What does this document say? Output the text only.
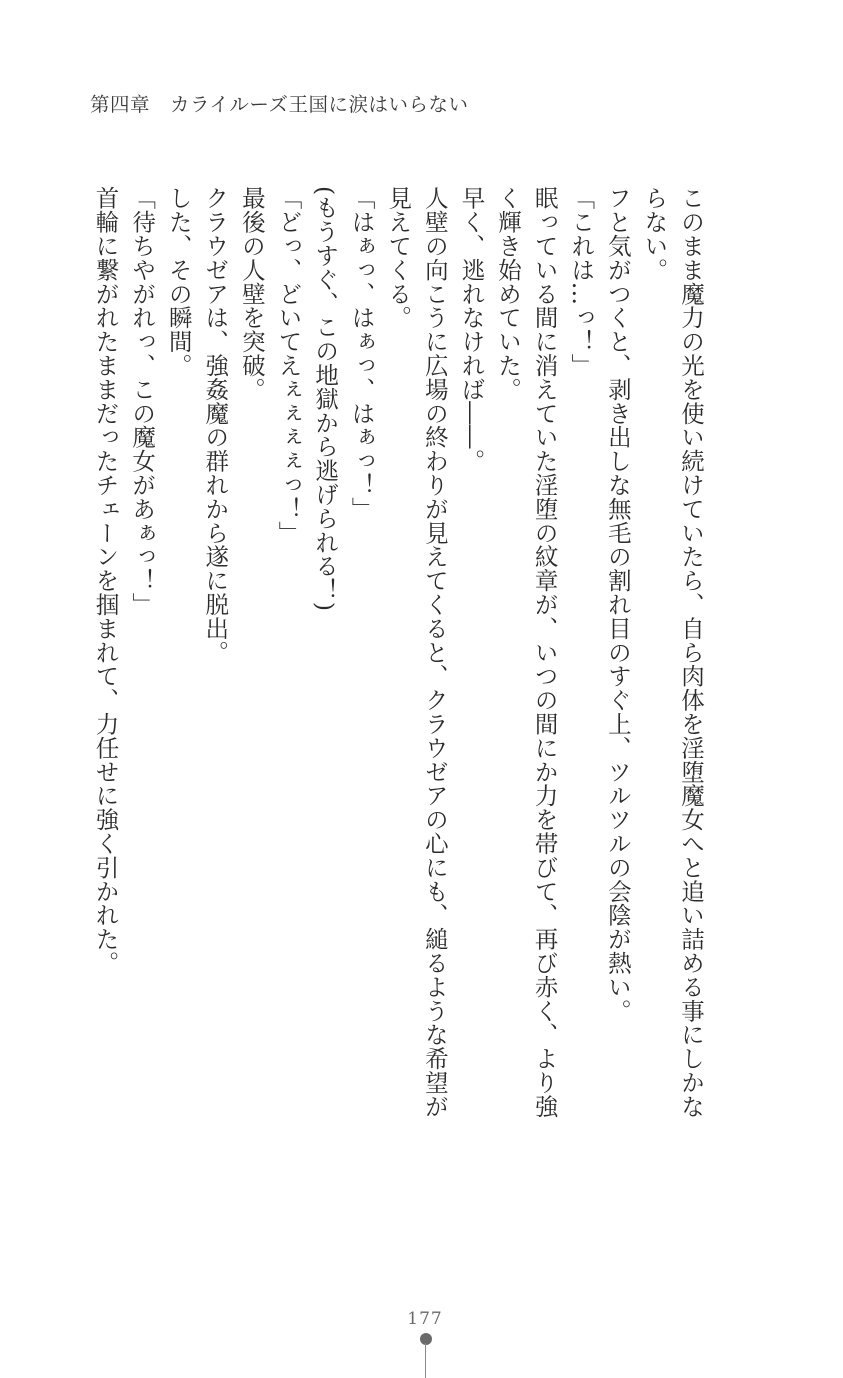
第四章　カライルーズ王国に涙はいらない

このまま魔力の光を使い続けていたら、自ら肉体を淫堕魔女へと追い詰める事にしかならない。

フと気がつくと、剥き出しな無毛の割れ目のすぐ上、ツルツルの会陰が熱い。

「これは…っ！」

眠っている間に消えていた淫堕の紋章が、いつの間にか力を帯びて、再び赤く、より強く輝き始めていた。

早く、逃れなければ――。

人壁の向こうに広場の終わりが見えてくると、クラウゼアの心にも、縋るような希望が見えてくる。

「はぁっ、はぁっ、はぁっ！」

(もうすぐ、この地獄から逃げられる！)

「どっ、どいてえぇぇぇぇっ！」

最後の人壁を突破。

クラウゼアは、強姦魔の群れから遂に脱出。

した、その瞬間。

「待ちやがれっ、この魔女があぁっ！」

首輪に繋がれたままだったチェーンを掴まれて、力任せに強く引かれた。

177
